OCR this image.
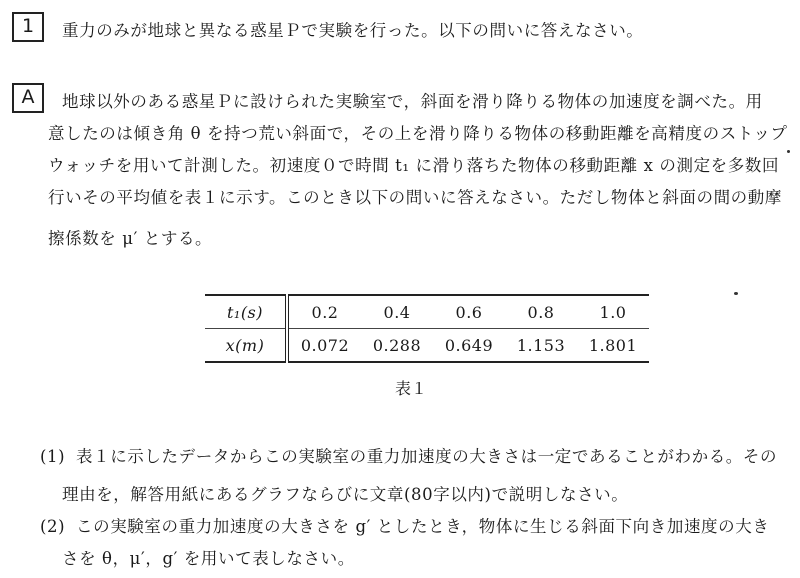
1	重力のみが地球と異なる惑星Ｐで実験を行った。以下の問いに答えなさい。
A	地球以外のある惑星Ｐに設けられた実験室で，斜面を滑り降りる物体の加速度を調べた。用
意したのは傾き角 θ を持つ荒い斜面で，その上を滑り降りる物体の移動距離を高精度のストップ
ウォッチを用いて計測した。初速度０で時間 t₁ に滑り落ちた物体の移動距離 x の測定を多数回
行いその平均値を表１に示す。このとき以下の問いに答えなさい。ただし物体と斜面の間の動摩
擦係数を μ′ とする。
t₁(s)	0.2	0.4	0.6	0.8	1.0
x(m)	0.072	0.288	0.649	1.153	1.801
表１
(1) 表１に示したデータからこの実験室の重力加速度の大きさは一定であることがわかる。その
理由を，解答用紙にあるグラフならびに文章(80字以内)で説明しなさい。
(2) この実験室の重力加速度の大きさを g′ としたとき，物体に生じる斜面下向き加速度の大き
さを θ，μ′，g′ を用いて表しなさい。
